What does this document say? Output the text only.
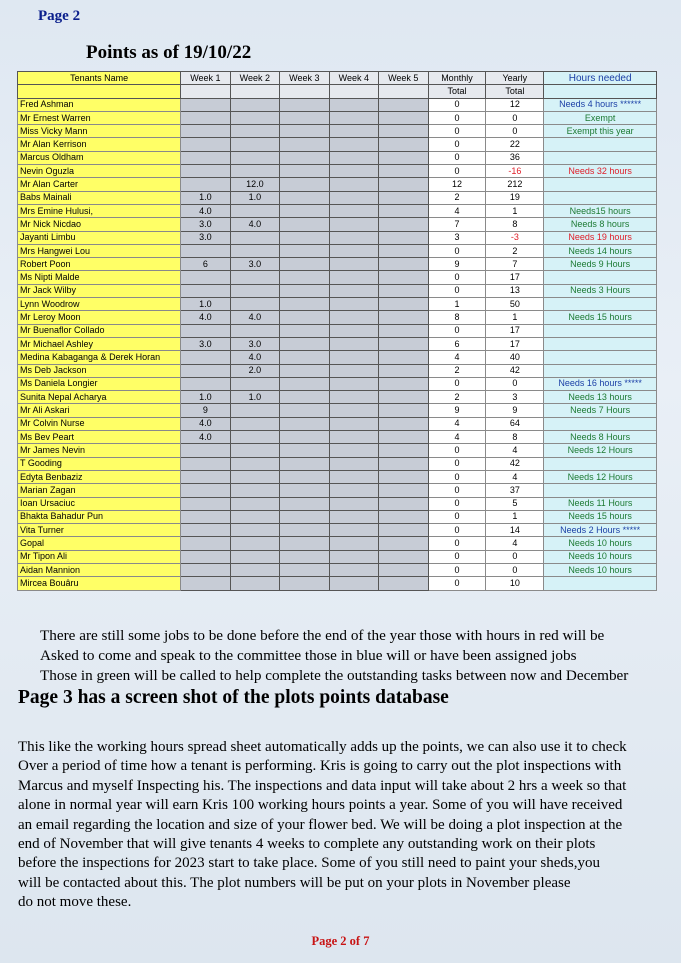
Page 2
Points as of 19/10/22
Tenants Name	Week 1	Week 2	Week 3	Week 4	Week 5	Monthly	Yearly	Hours needed
						Total	Total	
Fred Ashman						0	12	Needs 4 hours ******
Mr Ernest Warren						0	0	Exempt
Miss Vicky Mann						0	0	Exempt this year
Mr Alan Kerrison						0	22	
Marcus Oldham						0	36	
Nevin Oguzla						0	-16	Needs 32 hours
Mr Alan Carter		12.0				12	212	
Babs Mainali	1.0	1.0				2	19	
Mrs Emine Hulusi,	4.0					4	1	Needs15 hours
Mr Nick Nicdao	3.0	4.0				7	8	Needs 8 hours
Jayanti Limbu	3.0					3	-3	Needs 19 hours
Mrs Hangwei Lou						0	2	Needs 14 hours
Robert Poon	6	3.0				9	7	Needs 9 Hours
Ms Nipti Malde						0	17	
Mr Jack Wilby						0	13	Needs 3 Hours
Lynn Woodrow	1.0					1	50	
Mr Leroy Moon	4.0	4.0				8	1	Needs 15 hours
Mr Buenaflor Collado						0	17	
Mr Michael Ashley	3.0	3.0				6	17	
Medina Kabaganga & Derek Horan		4.0				4	40	
Ms Deb Jackson		2.0				2	42	
Ms Daniela Longier						0	0	Needs 16 hours *****
Sunita Nepal Acharya	1.0	1.0				2	3	Needs 13 hours
Mr Ali Askari	9					9	9	Needs 7 Hours
Mr Colvin Nurse	4.0					4	64	
Ms Bev Peart	4.0					4	8	Needs 8 Hours
Mr James Nevin						0	4	Needs 12 Hours
T Gooding						0	42	
Edyta Benbaziz						0	4	Needs 12 Hours
Marian Zagan						0	37	
Ioan Ursaciuc						0	5	Needs 11 Hours
Bhakta Bahadur Pun						0	1	Needs 15 hours
Vita Turner						0	14	Needs 2 Hours *****
Gopal						0	4	Needs 10 hours
Mr Tipon Ali						0	0	Needs 10 hours
Aidan Mannion						0	0	Needs 10 hours
Mircea Bouȃru						0	10	
There are still some jobs to be done before the end of the year those with hours in red will be
Asked to come and speak to the committee those in blue will or have been assigned jobs
Those in green will be called to help complete the outstanding tasks between now and December
Page 3 has a screen shot of the plots points database
This like the working hours spread sheet automatically adds up the points, we can also use it to check
Over a period of time how a tenant is performing. Kris is going to carry out the plot inspections with
Marcus and myself Inspecting his. The inspections and data input will take about 2 hrs a week so that
alone in normal year will earn Kris 100 working hours points a year. Some of you will have received
an email regarding the location and size of your flower bed. We will be doing a plot inspection at the
end of November that will give tenants 4 weeks to complete any outstanding work on their plots
before the inspections for 2023 start to take place. Some of you still need to paint your sheds,you
will be contacted about this. The plot numbers will be put on your plots in November please
do not move these.
Page 2 of 7
